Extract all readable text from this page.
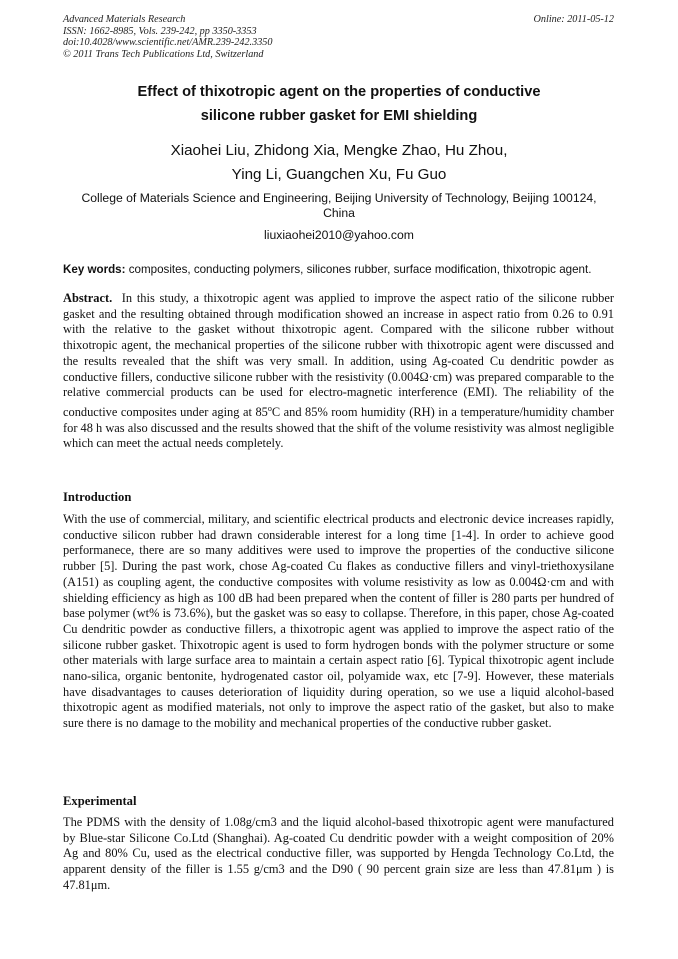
Advanced Materials Research
ISSN: 1662-8985, Vols. 239-242, pp 3350-3353
doi:10.4028/www.scientific.net/AMR.239-242.3350
© 2011 Trans Tech Publications Ltd, Switzerland
Online: 2011-05-12
Effect of thixotropic agent on the properties of conductive
silicone rubber gasket for EMI shielding
Xiaohei Liu, Zhidong Xia, Mengke Zhao, Hu Zhou,
Ying Li, Guangchen Xu, Fu Guo
College of Materials Science and Engineering, Beijing University of Technology, Beijing 100124,
China
liuxiaohei2010@yahoo.com
Key words: composites, conducting polymers, silicones rubber, surface modification, thixotropic agent.
Abstract. In this study, a thixotropic agent was applied to improve the aspect ratio of the silicone rubber gasket and the resulting obtained through modification showed an increase in aspect ratio from 0.26 to 0.91 with the relative to the gasket without thixotropic agent. Compared with the silicone rubber without thixotropic agent, the mechanical properties of the silicone rubber with thixotropic agent were discussed and the results revealed that the shift was very small. In addition, using Ag-coated Cu dendritic powder as conductive fillers, conductive silicone rubber with the resistivity (0.004Ω·cm) was prepared comparable to the relative commercial products can be used for electro-magnetic interference (EMI). The reliability of the conductive composites under aging at 85$^o$C and 85% room humidity (RH) in a temperature/humidity chamber for 48 h was also discussed and the results showed that the shift of the volume resistivity was almost negligible which can meet the actual needs completely.
Introduction
With the use of commercial, military, and scientific electrical products and electronic device increases rapidly, conductive silicon rubber had drawn considerable interest for a long time [1-4]. In order to achieve good performanece, there are so many additives were used to improve the properties of the conductive silicone rubber [5]. During the past work, chose Ag-coated Cu flakes as conductive fillers and vinyl-triethoxysilane (A151) as coupling agent, the conductive composites with volume resistivity as low as 0.004Ω·cm and with shielding efficiency as high as 100 dB had been prepared when the content of filler is 280 parts per hundred of base polymer (wt% is 73.6%), but the gasket was so easy to collapse. Therefore, in this paper, chose Ag-coated Cu dendritic powder as conductive fillers, a thixotropic agent was applied to improve the aspect ratio of the silicone rubber gasket. Thixotropic agent is used to form hydrogen bonds with the polymer structure or some other materials with large surface area to maintain a certain aspect ratio [6]. Typical thixotropic agent include nano-silica, organic bentonite, hydrogenated castor oil, polyamide wax, etc [7-9]. However, these materials have disadvantages to causes deterioration of liquidity during operation, so we use a liquid alcohol-based thixotropic agent as modified materials, not only to improve the aspect ratio of the gasket, but also to make sure there is no damage to the mobility and mechanical properties of the conductive rubber gasket.
Experimental
The PDMS with the density of 1.08g/cm3 and the liquid alcohol-based thixotropic agent were manufactured by Blue-star Silicone Co.Ltd (Shanghai). Ag-coated Cu dendritic powder with a weight composition of 20% Ag and 80% Cu, used as the electrical conductive filler, was supported by Hengda Technology Co.Ltd, the apparent density of the filler is 1.55 g/cm3 and the D90 ( 90 percent grain size are less than 47.81μm ) is 47.81μm.
